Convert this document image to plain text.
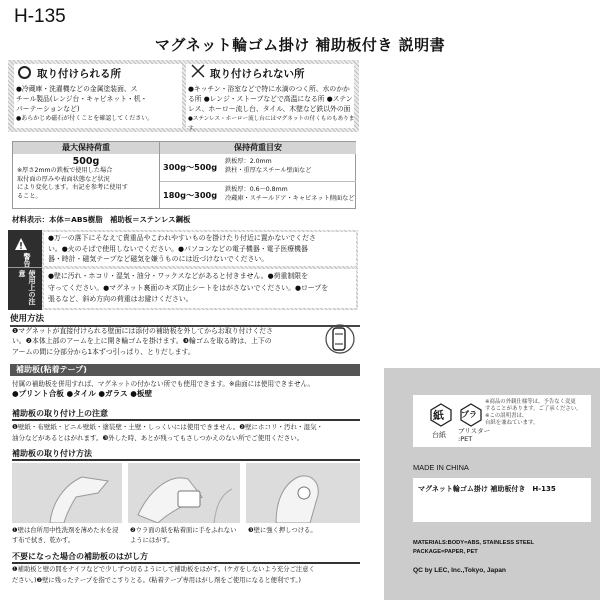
H-135
マグネット輪ゴム掛け 補助板付き 説明書
取り付けられる所
●冷蔵庫・洗濯機などの金属塗装面、ス
チール製品(レンジ台・キャビネット・机・
パーテーションなど)
●あらかじめ磁石が付くことを確認してください。
取り付けられない所
●キッチン・浴室などで特に水滴のつく所、水のかか
る所 ●レンジ・ストーブなどで高温になる所 ●ステン
レス、ホーロー流し台、タイル、木壁など鉄以外の面
●ステンレス・ホーロー流し台にはマグネットの付くものもあります。
最大保持荷重	保持荷重目安
500g
※厚さ2mmの鉄板で使用した場合
取付面の厚みや表面状態など状況
により変化します。右記を参考に使用す
ること。
300g～500g
鉄板厚：2.0mm
鉄柱・重厚なスチール壁面など
180g～300g
鉄板厚：0.6～0.8mm
冷蔵庫・スチールドア・キャビネット側面など
材料表示：本体＝ABS樹脂　補助板＝ステンレス鋼板
警告
使用上の注意
●万一の落下にそなえて貴重品やこわれやすいものを掛けたり付近に置かないでくださ
い。●火のそばで使用しないでください。●パソコンなどの電子機器・電子医療機器
器・時計・磁気テープなど磁気を嫌うものには近づけないでください。
●壁に汚れ・ホコリ・湿気・油分・ワックスなどがあると付きません。●荷重制限を
守ってください。●マグネット裏面のキズ防止シートをはがさないでください。●ロープを
張るなど、斜め方向の荷重はお避けください。
使用方法
❶マグネットが直接付けられる壁面には添付の補助板を外してからお取り付けくださ
い。❷本体上部のアームを上に開き輪ゴムを掛けます。❸輪ゴムを取る時は、上下の
アームの間に分部分から1本ずつ引っぱり、とりだします。
補助板(粘着テープ)
付属の補助板を併用すれば、マグネットの付かない所でも使用できます。※曲面には使用できません。
●プリント合板 ●タイル ●ガラス ●板壁
補助板の取り付け上の注意
❶壁紙・布壁紙・ビニル壁紙・塗装壁・土壁・しっくいには使用できません。❷壁にホコリ・汚れ・湿気・
油分などがあるとはがれます。❸外した時、あとが残ってもさしつかえのない所でご使用ください。
補助板の取り付け方法
❶壁は台所用中性洗剤を薄めた水を浸す布で拭き、乾かす。
❷ウラ面の紙を粘着面に手をふれないようにはがす。
❸壁に強く押しつける。
不要になった場合の補助板のはがし方
❶補助板と壁の間をナイフなどで少しずつ切るようにして補助板をはがす。(ケガをしないよう充分ご注意く
ださい。)❷壁に残ったテープを指でこすりとる。(粘着テープ専用はがし剤をご使用になると便利です。)
※商品の外観仕様等は、予告なく変更
することがあります。ご了承ください。
※この説明書は、
台紙を兼ねています。
紙
台紙
プラ
ブリスター
:PET
MADE IN CHINA
マグネット輪ゴム掛け 補助板付き　H-135
MATERIALS:BODY=ABS, STAINLESS STEEL
PACKAGE=PAPER, PET
QC by LEC, Inc.,Tokyo, Japan
